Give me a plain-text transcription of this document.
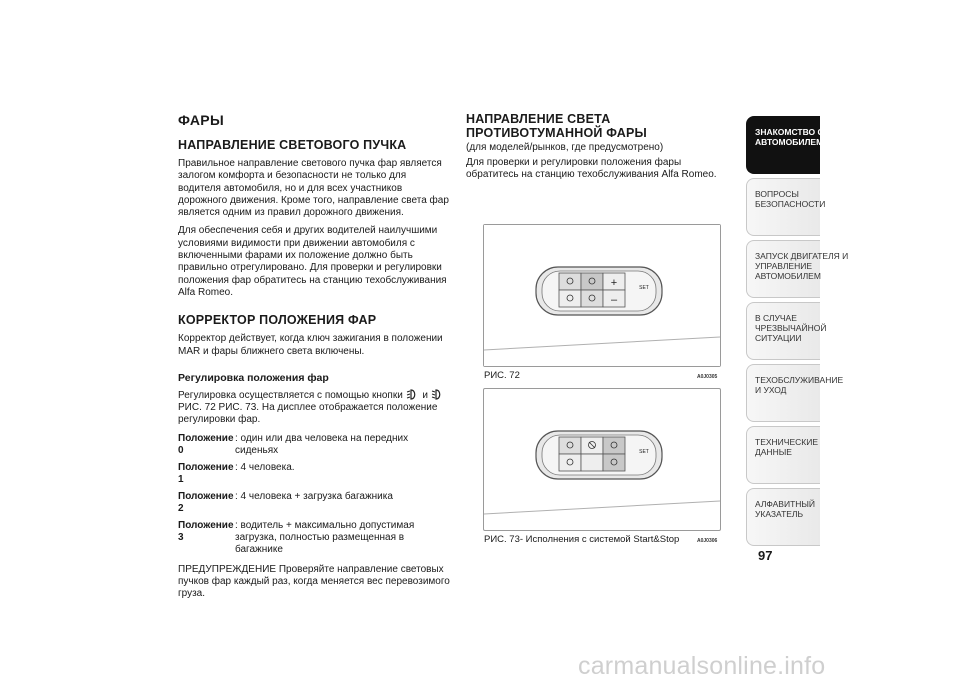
ФАРЫ
НАПРАВЛЕНИЕ СВЕТОВОГО ПУЧКА

Правильное направление светового пучка фар является залогом комфорта и безопасности не только для водителя автомобиля, но и для всех участников дорожного движения. Кроме того, направление света фар является одним из правил дорожного движения.

Для обеспечения себя и других водителей наилучшими условиями видимости при движении автомобиля с включенными фарами их положение должно быть правильно отрегулировано. Для проверки и регулировки положения фар обратитесь на станцию техобслуживания Alfa Romeo.

КОРРЕКТОР ПОЛОЖЕНИЯ ФАР

Корректор действует, когда ключ зажигания в положении MAR и фары ближнего света включены.

Регулировка положения фар

Регулировка осуществляется с помощью кнопки и  РИС. 72 РИС. 73. На дисплее отображается положение регулировки фар.

Положение 0
: один или два человека на передних сиденьях
Положение 1
: 4 человека.
Положение 2
: 4 человека + загрузка багажника
Положение 3
: водитель + максимально допустимая загрузка, полностью размещенная в багажнике

ПРЕДУПРЕЖДЕНИЕ Проверяйте направление световых пучков фар каждый раз, когда меняется вес перевозимого груза.

НАПРАВЛЕНИЕ СВЕТА ПРОТИВОТУМАННОЙ ФАРЫ
(для моделей/рынков, где предусмотрено)

Для проверки и регулировки положения фары обратитесь на станцию техобслуживания Alfa Romeo.

+
–
SET
РИС. 72	A0J0305
SET
РИС. 73- Исполнения с системой Start&Stop	A0J0306
ЗНАКОМСТВО С
АВТОМОБИЛЕМ
ВОПРОСЫ
БЕЗОПАСНОСТИ
ЗАПУСК ДВИГАТЕЛЯ И
УПРАВЛЕНИЕ
АВТОМОБИЛЕМ
В СЛУЧАЕ
ЧРЕЗВЫЧАЙНОЙ
СИТУАЦИИ
ТЕХОБСЛУЖИВАНИЕ
И УХОД
ТЕХНИЧЕСКИЕ
ДАННЫЕ
АЛФАВИТНЫЙ
УКАЗАТЕЛЬ
97
carmanualsonline.info
